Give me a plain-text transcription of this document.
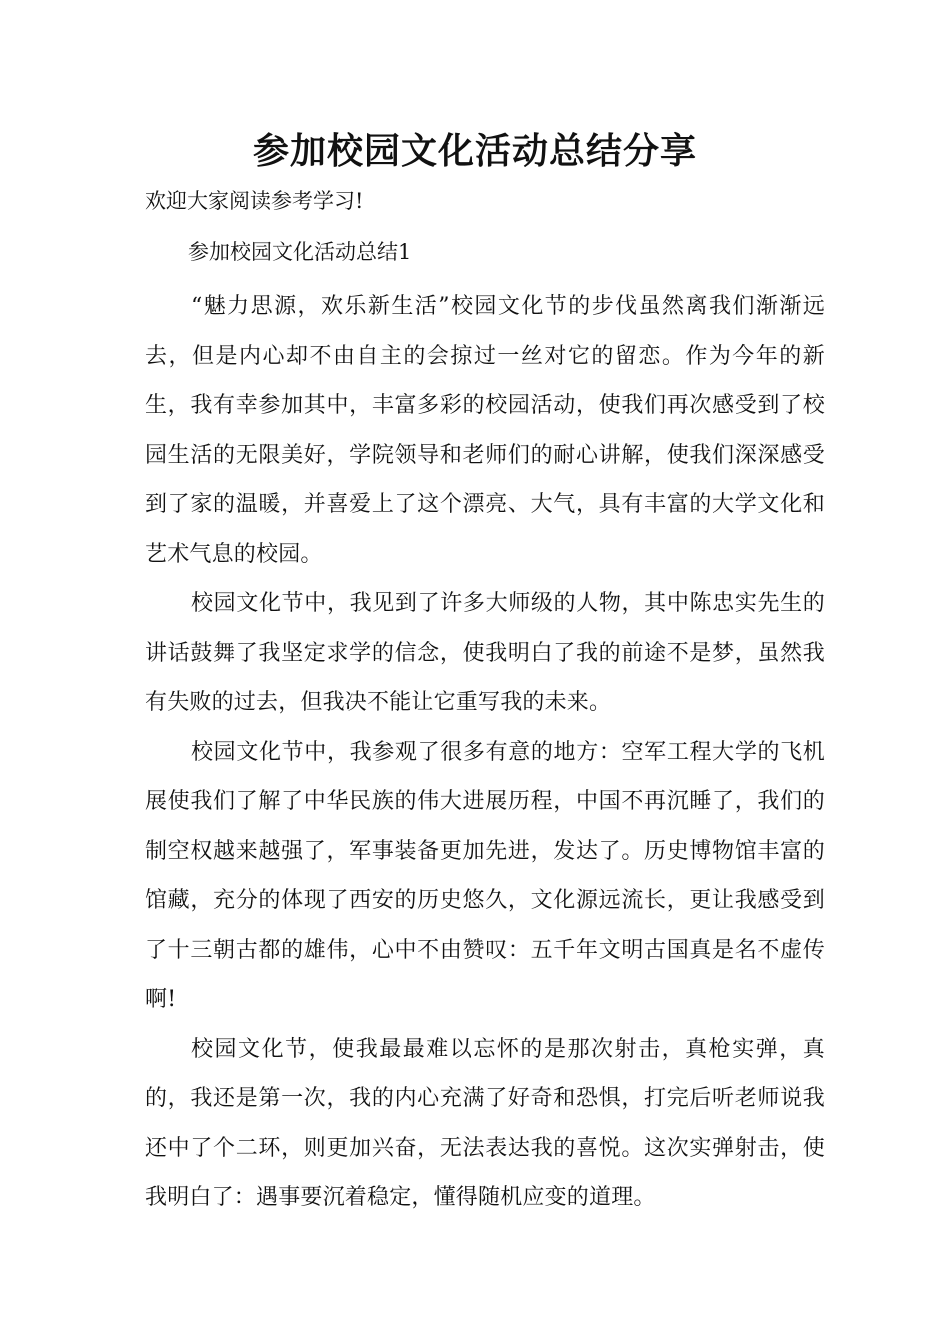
参加校园文化活动总结分享
欢迎大家阅读参考学习!
参加校园文化活动总结1

“魅力思源，欢乐新生活”校园文化节的步伐虽然离我们渐渐远去，但是内心却不由自主的会掠过一丝对它的留恋。作为今年的新生，我有幸参加其中，丰富多彩的校园活动，使我们再次感受到了校园生活的无限美好，学院领导和老师们的耐心讲解，使我们深深感受到了家的温暖，并喜爱上了这个漂亮、大气，具有丰富的大学文化和艺术气息的校园。

校园文化节中，我见到了许多大师级的人物，其中陈忠实先生的讲话鼓舞了我坚定求学的信念，使我明白了我的前途不是梦，虽然我有失败的过去，但我决不能让它重写我的未来。

校园文化节中，我参观了很多有意的地方：空军工程大学的飞机展使我们了解了中华民族的伟大进展历程，中国不再沉睡了，我们的制空权越来越强了，军事装备更加先进，发达了。历史博物馆丰富的馆藏，充分的体现了西安的历史悠久，文化源远流长，更让我感受到了十三朝古都的雄伟，心中不由赞叹：五千年文明古国真是名不虚传啊!

校园文化节，使我最最难以忘怀的是那次射击，真枪实弹，真的，我还是第一次，我的内心充满了好奇和恐惧，打完后听老师说我还中了个二环，则更加兴奋，无法表达我的喜悦。这次实弹射击，使我明白了：遇事要沉着稳定，懂得随机应变的道理。
